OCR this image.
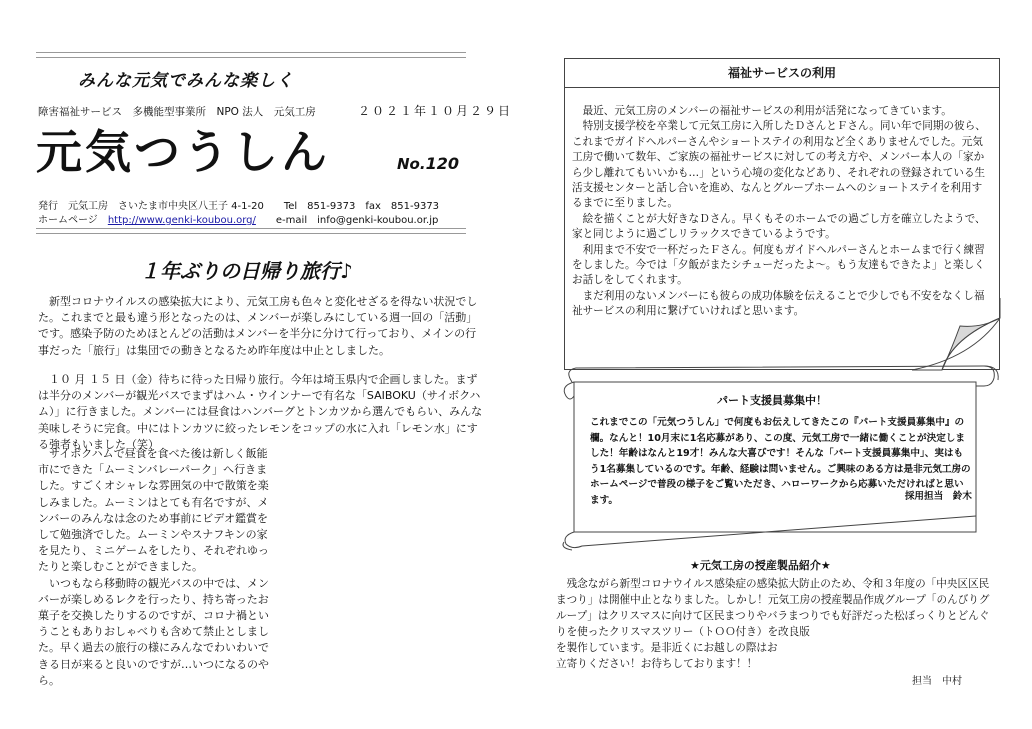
みんな元気でみんな楽しく
障害福祉サービス　多機能型事業所　NPO 法人　元気工房	２０２１年１０月２９日
元気つうしん	No.120
発行　元気工房　さいたま市中央区八王子 4-1-20　　Tel　851-9373　fax　851-9373
ホームページ　 http://www.genki-koubou.org/　　 e-mail　 info@genki-koubou.or.jp
１年ぶりの日帰り旅行♪

新型コロナウイルスの感染拡大により、元気工房も色々と変化せざるを得ない状況でした。これまでと最も違う形となったのは、メンバーが楽しみにしている週一回の「活動」です。感染予防のためほとんどの活動はメンバーを半分に分けて行っており、メインの行事だった「旅行」は集団での動きとなるため昨年度は中止としました。

１０ 月 １５ 日（金）待ちに待った日帰り旅行。今年は埼玉県内で企画しました。まずは半分のメンバーが観光バスでまずはハム・ウインナーで有名な「SAIBOKU（サイボクハム）」に行きました。メンバーには昼食はハンバーグとトンカツから選んでもらい、みんな美味しそうに完食。中にはトンカツに絞ったレモンをコップの水に入れ「レモン水」にする強者もいました（笑）

サイボクハムで昼食を食べた後は新しく飯能市にできた「ムーミンバレーパーク」へ行きました。すごくオシャレな雰囲気の中で散策を楽しみました。ムーミンはとても有名ですが、メンバーのみんなは念のため事前にビデオ鑑賞をして勉強済でした。ムーミンやスナフキンの家を見たり、ミニゲームをしたり、それぞれゆったりと楽しむことができました。

いつもなら移動時の観光バスの中では、メンバーが楽しめるレクを行ったり、持ち寄ったお菓子を交換したりするのですが、コロナ禍ということもありおしゃべりも含めて禁止としました。早く過去の旅行の様にみんなでわいわいできる日が来ると良いのですが…いつになるのやら。

福祉サービスの利用

最近、元気工房のメンバーの福祉サービスの利用が活発になってきています。

特別支援学校を卒業して元気工房に入所したＤさんとＦさん。同い年で同期の彼ら、これまでガイドヘルパーさんやショートステイの利用など全くありませんでした。元気工房で働いて数年、ご家族の福祉サービスに対しての考え方や、メンバー本人の「家から少し離れてもいいかも…」という心境の変化などあり、それぞれの登録されている生活支援センターと話し合いを進め、なんとグループホームへのショートステイを利用するまでに至りました。

絵を描くことが大好きなＤさん。早くもそのホームでの過ごし方を確立したようで、家と同じように過ごしリラックスできているようです。

利用まで不安で一杯だったＦさん。何度もガイドヘルパーさんとホームまで行く練習をしました。今では「夕飯がまたシチューだったよ～。もう友達もできたよ」と楽しくお話しをしてくれます。

まだ利用のないメンバーにも彼らの成功体験を伝えることで少しでも不安をなくし福祉サービスの利用に繋げていければと思います。

パート支援員募集中！
これまでこの「元気つうしん」で何度もお伝えしてきたこの『パート支援員募集中』の欄。なんと！10月末に1名応募があり、この度、元気工房で一緒に働くことが決定しました！年齢はなんと19才！みんな大喜びです！そんな「パート支援員募集中」、実はもう1名募集しているのです。年齢、経験は問いません。ご興味のある方は是非元気工房のホームページで普段の様子をご覧いただき、ハローワークから応募いただければと思います。	採用担当　鈴木
★元気工房の授産製品紹介★

残念ながら新型コロナウイルス感染症の感染拡大防止のため、令和３年度の「中央区区民まつり」は開催中止となりました。しかし！元気工房の授産製品作成グループ「のんびりグループ」はクリスマスに向けて区民まつりやバラまつりでも好評だった松ぼっくりとどんぐりを使ったクリスマスツリー（トＯＯ付き）を改良版

を製作しています。是非近くにお越しの際はお

立寄りください！お待ちしております！！

担当　中村
